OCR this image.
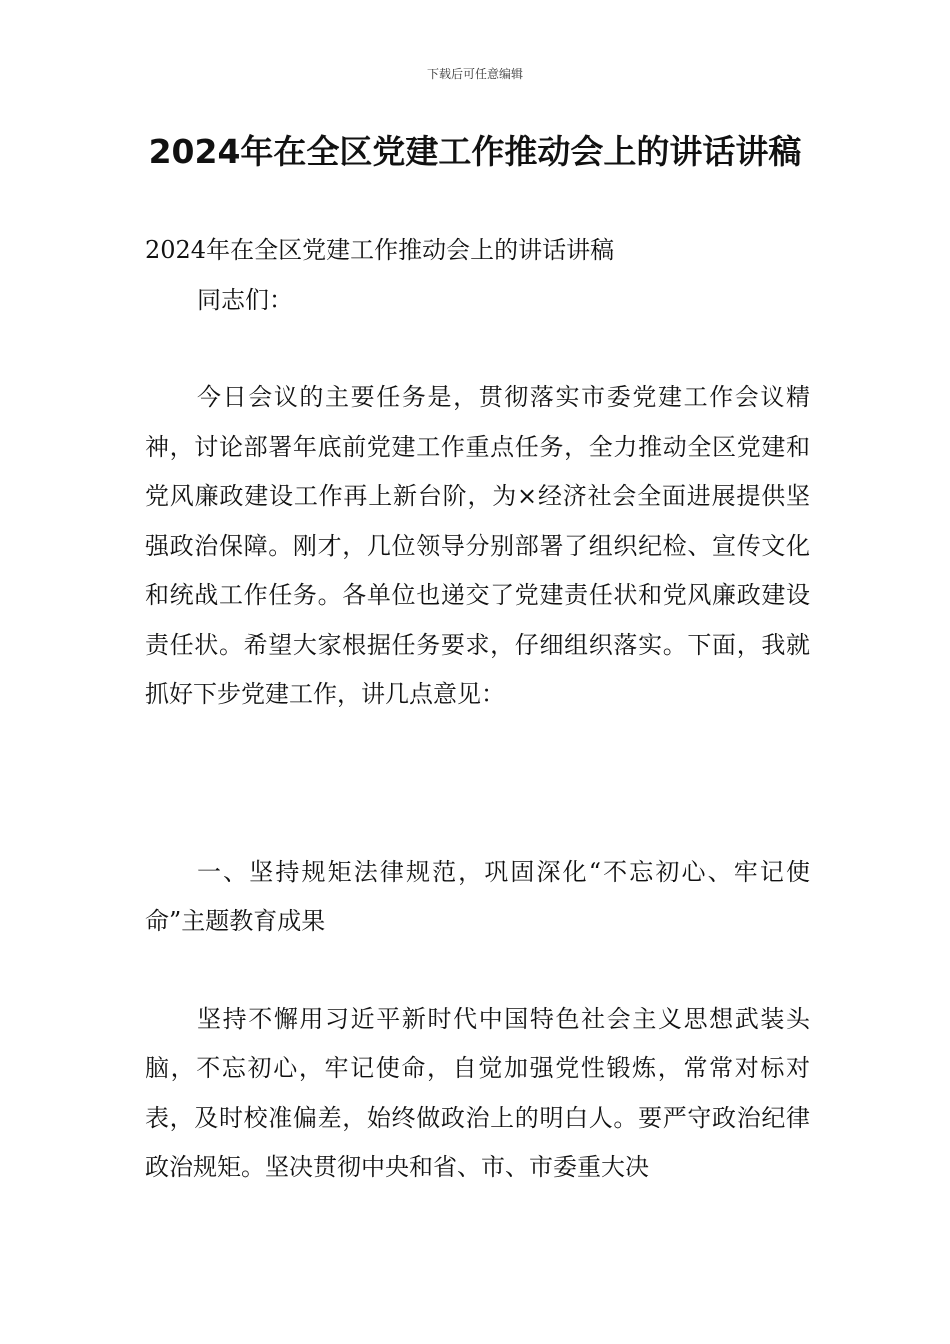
下载后可任意编辑
2024年在全区党建工作推动会上的讲话讲稿

2024年在全区党建工作推动会上的讲话讲稿

同志们：

今日会议的主要任务是，贯彻落实市委党建工作会议精神，讨论部署年底前党建工作重点任务，全力推动全区党建和党风廉政建设工作再上新台阶，为×经济社会全面进展提供坚强政治保障。刚才，几位领导分别部署了组织纪检、宣传文化和统战工作任务。各单位也递交了党建责任状和党风廉政建设责任状。希望大家根据任务要求，仔细组织落实。下面，我就抓好下步党建工作，讲几点意见：

一、坚持规矩法律规范，巩固深化“不忘初心、牢记使命”主题教育成果

坚持不懈用习近平新时代中国特色社会主义思想武装头脑，不忘初心，牢记使命，自觉加强党性锻炼，常常对标对表，及时校准偏差，始终做政治上的明白人。要严守政治纪律政治规矩。坚决贯彻中央和省、市、市委重大决
